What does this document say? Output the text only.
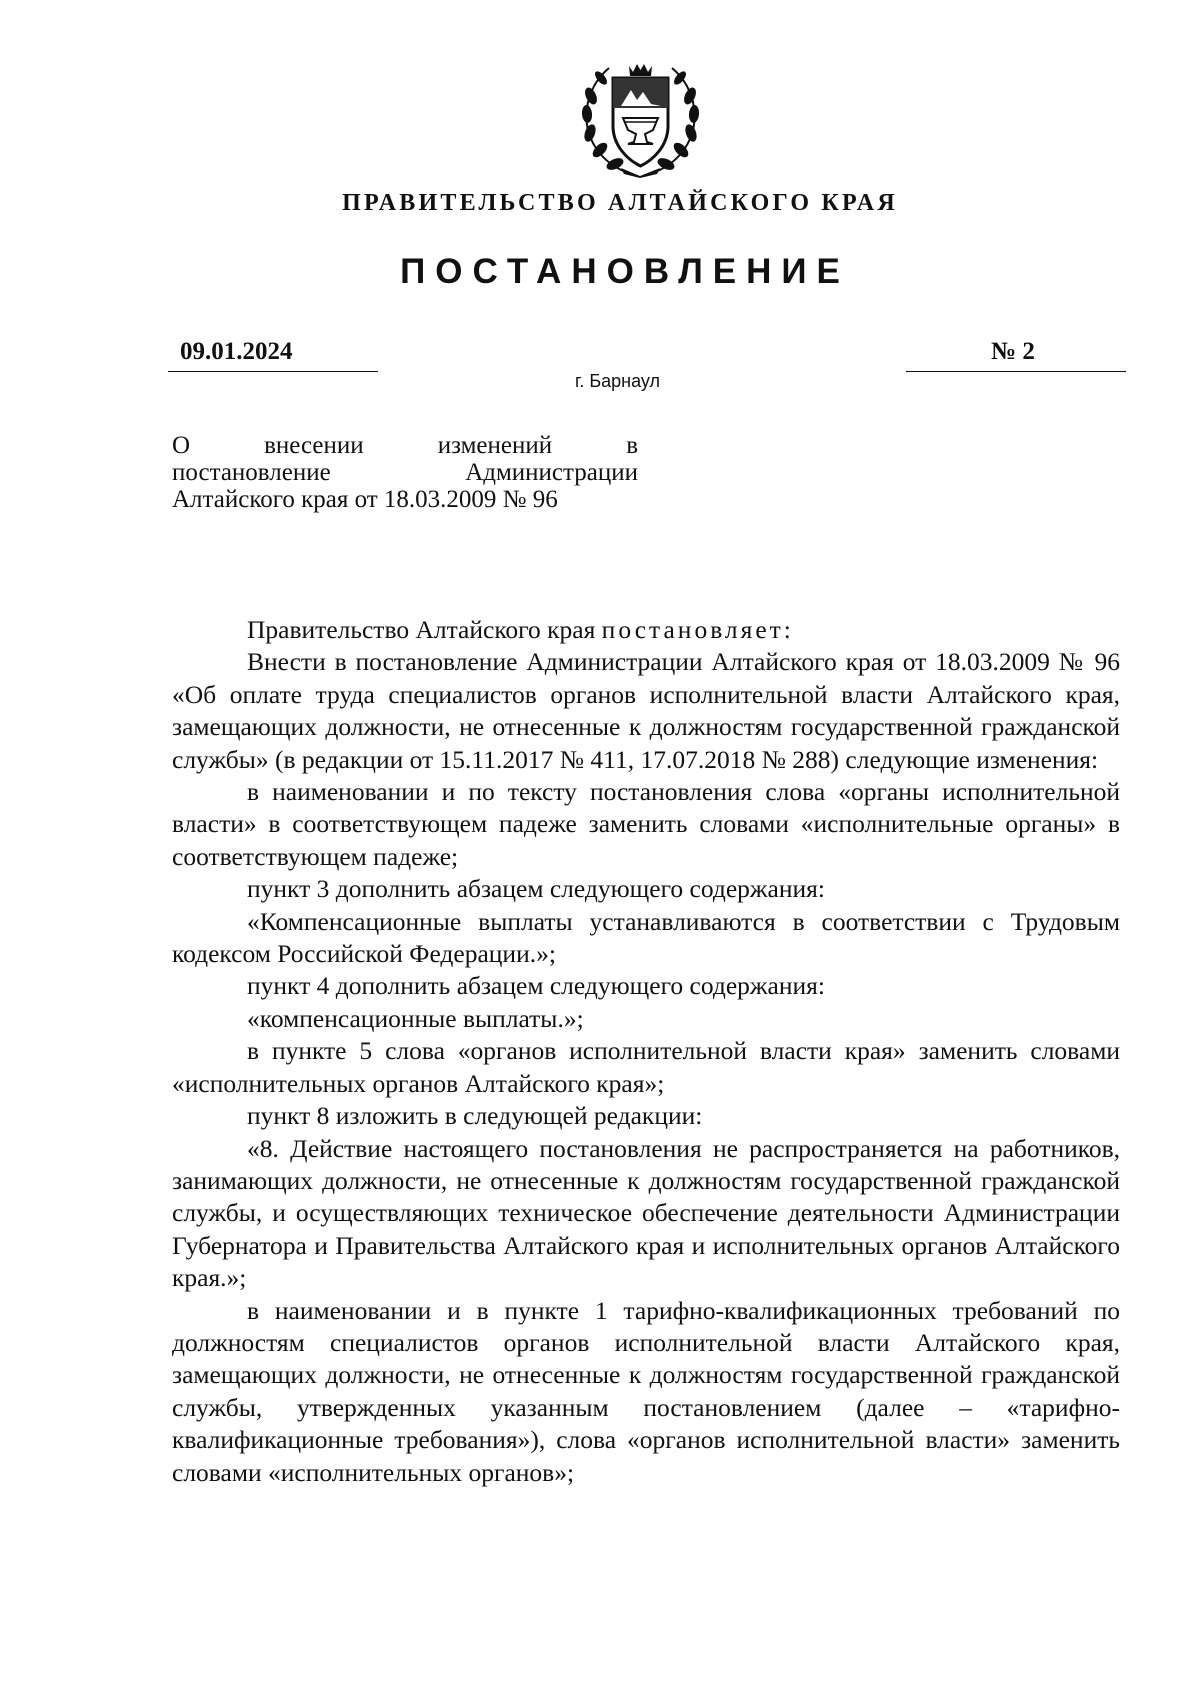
ПРАВИТЕЛЬСТВО АЛТАЙСКОГО КРАЯ
ПОСТАНОВЛЕНИЕ
09.01.2024	№ 2
г. Барнаул
О внесении изменений в
постановление Администрации
Алтайского края от 18.03.2009 № 96

Правительство Алтайского края постановляет:

Внести в постановление Администрации Алтайского края от 18.03.2009 № 96 «Об оплате труда специалистов органов исполнительной власти Алтайского края, замещающих должности, не отнесенные к должностям государственной гражданской службы» (в редакции от 15.11.2017 № 411, 17.07.2018 № 288) следующие изменения:

в наименовании и по тексту постановления слова «органы исполнительной власти» в соответствующем падеже заменить словами «исполнительные органы» в соответствующем падеже;

пункт 3 дополнить абзацем следующего содержания:

«Компенсационные выплаты устанавливаются в соответствии с Трудовым кодексом Российской Федерации.»;

пункт 4 дополнить абзацем следующего содержания:

«компенсационные выплаты.»;

в пункте 5 слова «органов исполнительной власти края» заменить словами «исполнительных органов Алтайского края»;

пункт 8 изложить в следующей редакции:

«8. Действие настоящего постановления не распространяется на работников, занимающих должности, не отнесенные к должностям государственной гражданской службы, и осуществляющих техническое обеспечение деятельности Администрации Губернатора и Правительства Алтайского края и исполнительных органов Алтайского края.»;

в наименовании и в пункте 1 тарифно-квалификационных требований по должностям специалистов органов исполнительной власти Алтайского края, замещающих должности, не отнесенные к должностям государственной гражданской службы, утвержденных указанным постановлением (далее – «тарифно-квалификационные требования»), слова «органов исполнительной власти» заменить словами «исполнительных органов»;
